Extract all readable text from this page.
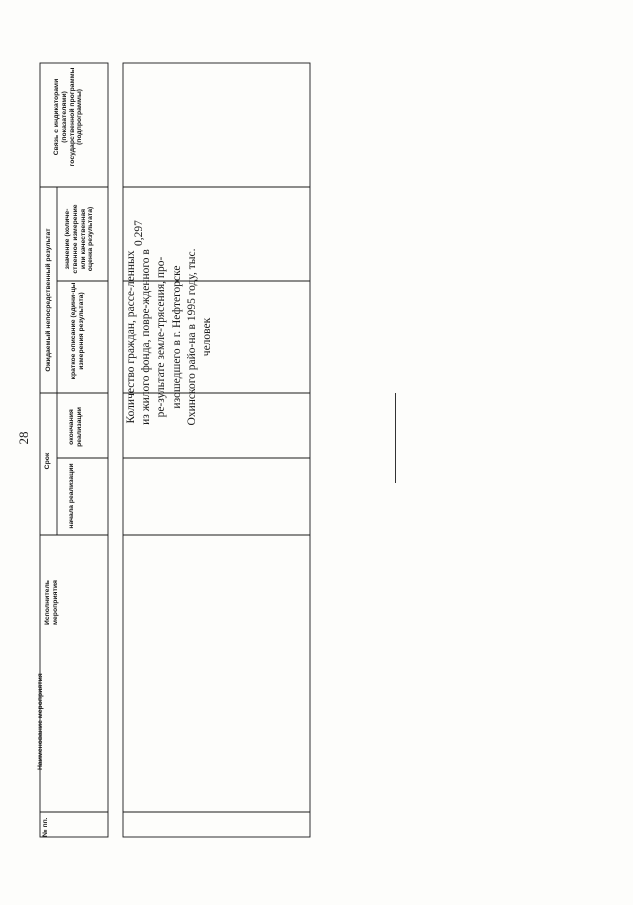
28
№ пп.
Наименование мероприятия
Исполнитель мероприятия
Срок
начала реализации
окончания реализации
Ожидаемый непосредственный результат	краткое описание (едини-цы измерения результата)
значение (количе-ственное измерение или качественная оценка результата)
Связь с индикаторами (показателями) государственной программы (подпрограммы)
Количество граждан, рассе-ленных из жилого фонда, повре-жденного в ре-зультате земле-трясения, про-изошедшего в г. Нефтегорске Охинского райо-на в 1995 году, тыс. человек
0,297
